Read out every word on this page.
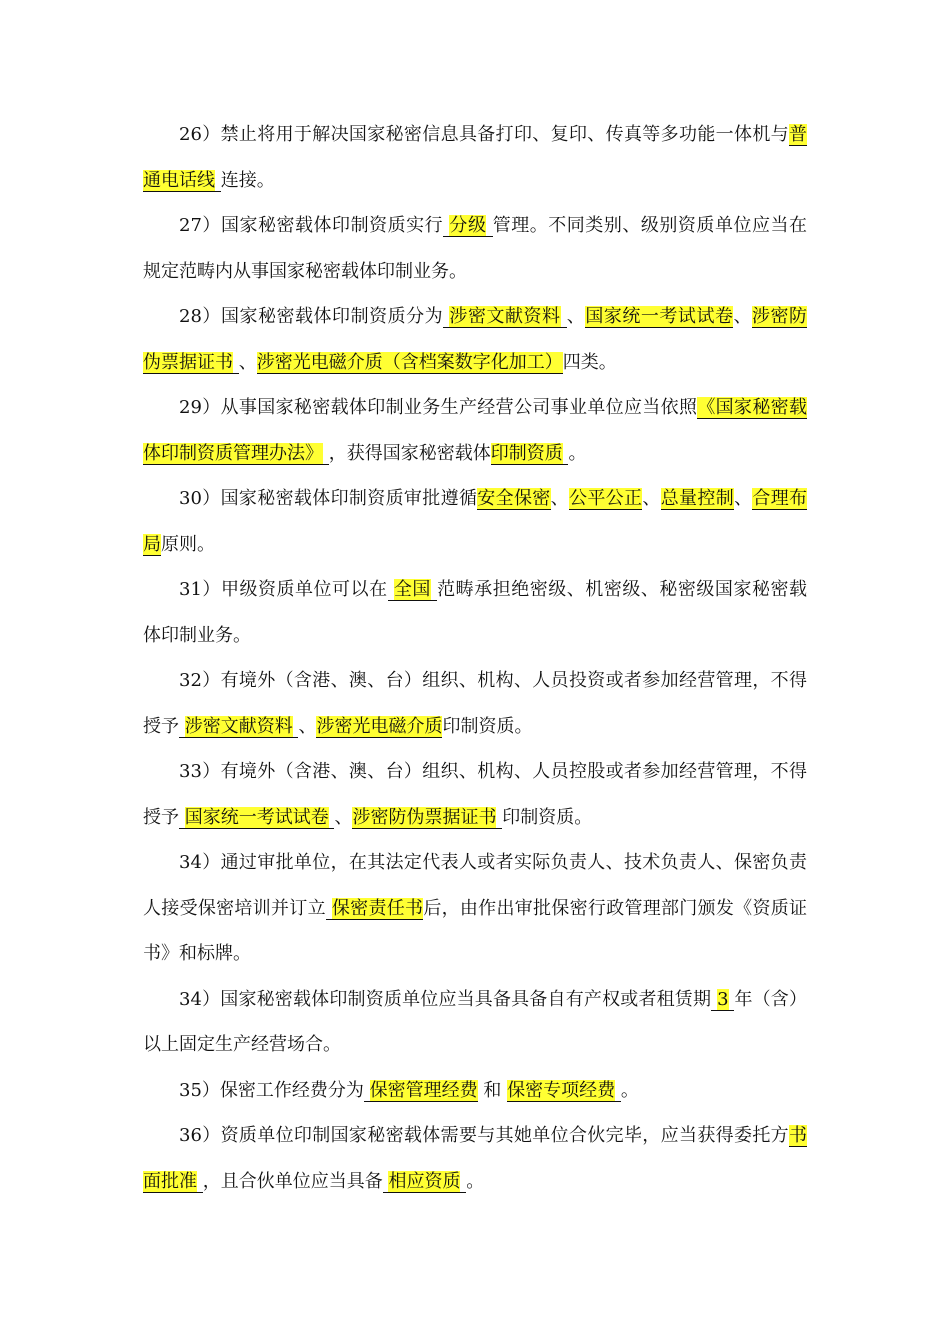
26）禁止将用于解决国家秘密信息具备打印、复印、传真等多功能一体机与普通电话线 连接。

27）国家秘密载体印制资质实行 分级 管理。不同类别、级别资质单位应当在规定范畴内从事国家秘密载体印制业务。

28）国家秘密载体印制资质分为 涉密文献资料 、国家统一考试试卷、涉密防伪票据证书 、涉密光电磁介质（含档案数字化加工）四类。

29）从事国家秘密载体印制业务生产经营公司事业单位应当依照《国家秘密载体印制资质管理办法》 ，获得国家秘密载体印制资质 。

30）国家秘密载体印制资质审批遵循安全保密、公平公正、总量控制、合理布局原则。

31）甲级资质单位可以在 全国 范畴承担绝密级、机密级、秘密级国家秘密载体印制业务。

32）有境外（含港、澳、台）组织、机构、人员投资或者参加经营管理，不得授予 涉密文献资料 、涉密光电磁介质印制资质。

33）有境外（含港、澳、台）组织、机构、人员控股或者参加经营管理，不得授予 国家统一考试试卷 、涉密防伪票据证书 印制资质。

34）通过审批单位，在其法定代表人或者实际负责人、技术负责人、保密负责人接受保密培训并订立 保密责任书后，由作出审批保密行政管理部门颁发《资质证书》和标牌。

34）国家秘密载体印制资质单位应当具备具备自有产权或者租赁期 3 年（含）以上固定生产经营场合。

35）保密工作经费分为 保密管理经费 和 保密专项经费 。

36）资质单位印制国家秘密载体需要与其她单位合伙完毕，应当获得委托方书面批准 ，且合伙单位应当具备 相应资质 。
